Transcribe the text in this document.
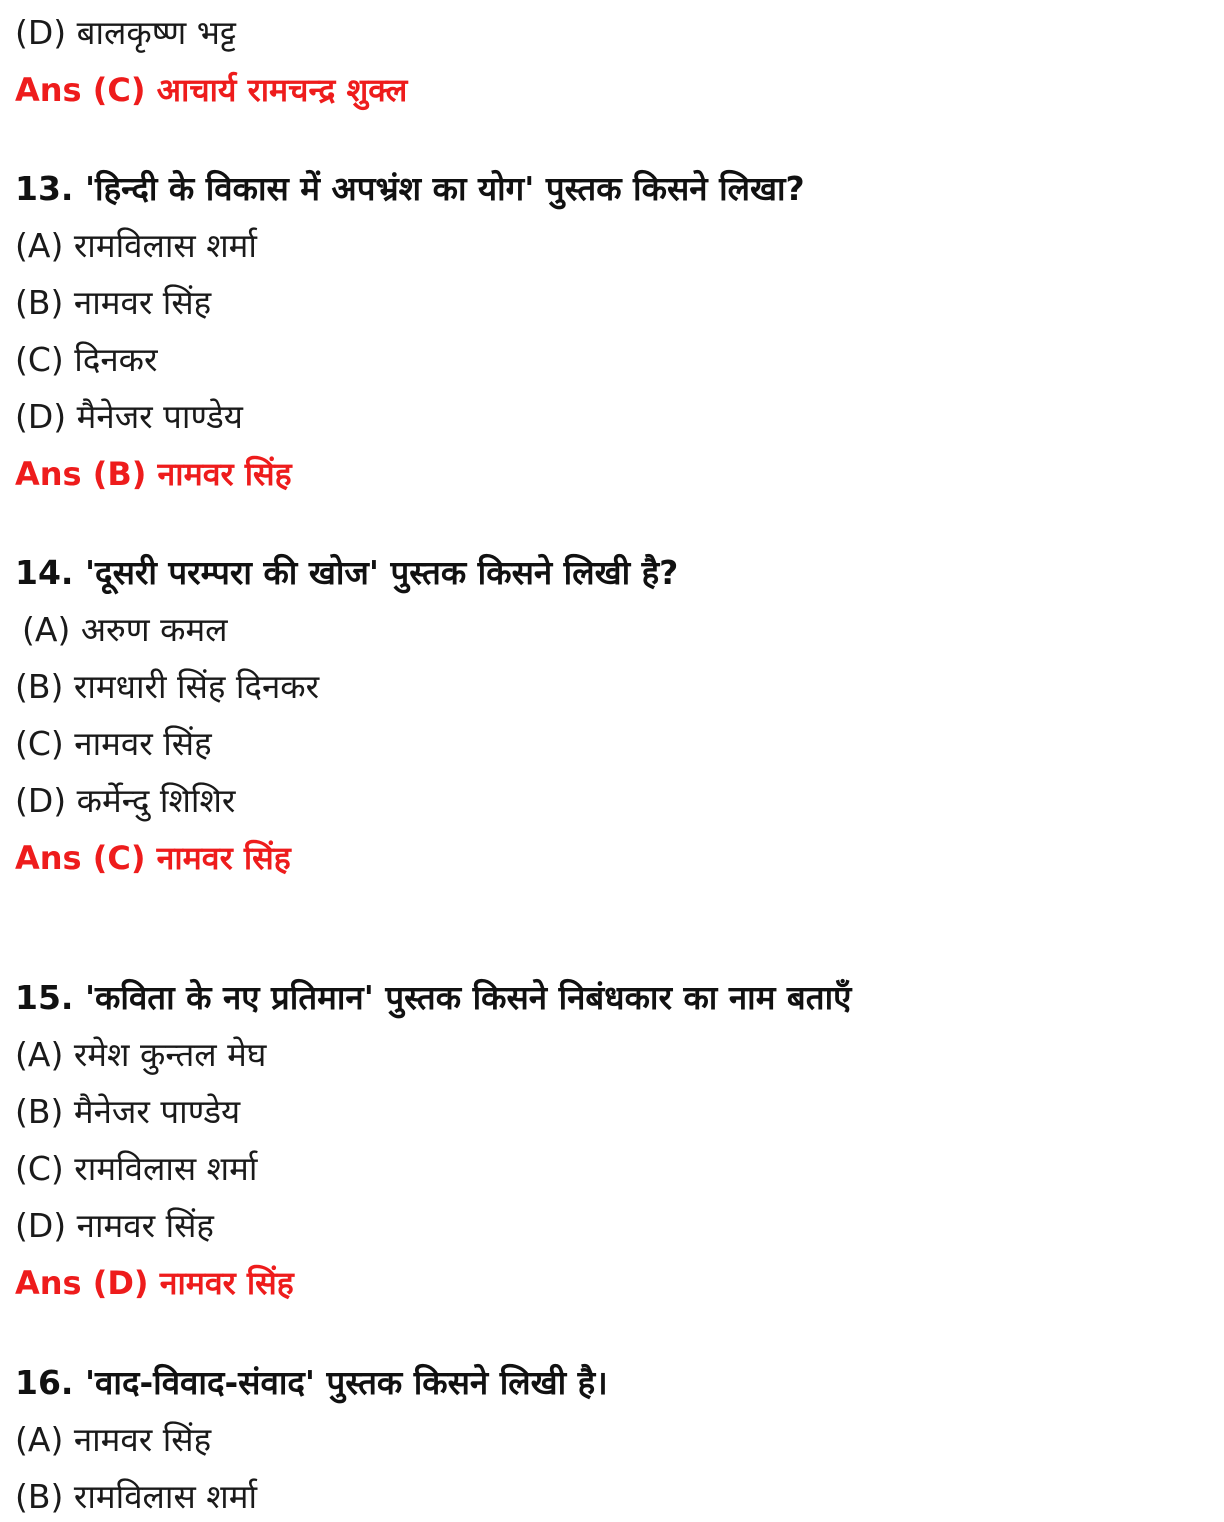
(D) बालकृष्ण भट्ट
Ans (C) आचार्य रामचन्द्र शुक्ल
13. 'हिन्दी के विकास में अपभ्रंश का योग' पुस्तक किसने लिखा?
(A) रामविलास शर्मा
(B) नामवर सिंह
(C) दिनकर
(D) मैनेजर पाण्डेय
Ans (B) नामवर सिंह
14. 'दूसरी परम्परा की खोज' पुस्तक किसने लिखी है?
(A) अरुण कमल
(B) रामधारी सिंह दिनकर
(C) नामवर सिंह
(D) कर्मेन्दु शिशिर
Ans (C) नामवर सिंह
15. 'कविता के नए प्रतिमान' पुस्तक किसने निबंधकार का नाम बताएँ
(A) रमेश कुन्तल मेघ
(B) मैनेजर पाण्डेय
(C) रामविलास शर्मा
(D) नामवर सिंह
Ans (D) नामवर सिंह
16. 'वाद-विवाद-संवाद' पुस्तक किसने लिखी है।
(A) नामवर सिंह
(B) रामविलास शर्मा
